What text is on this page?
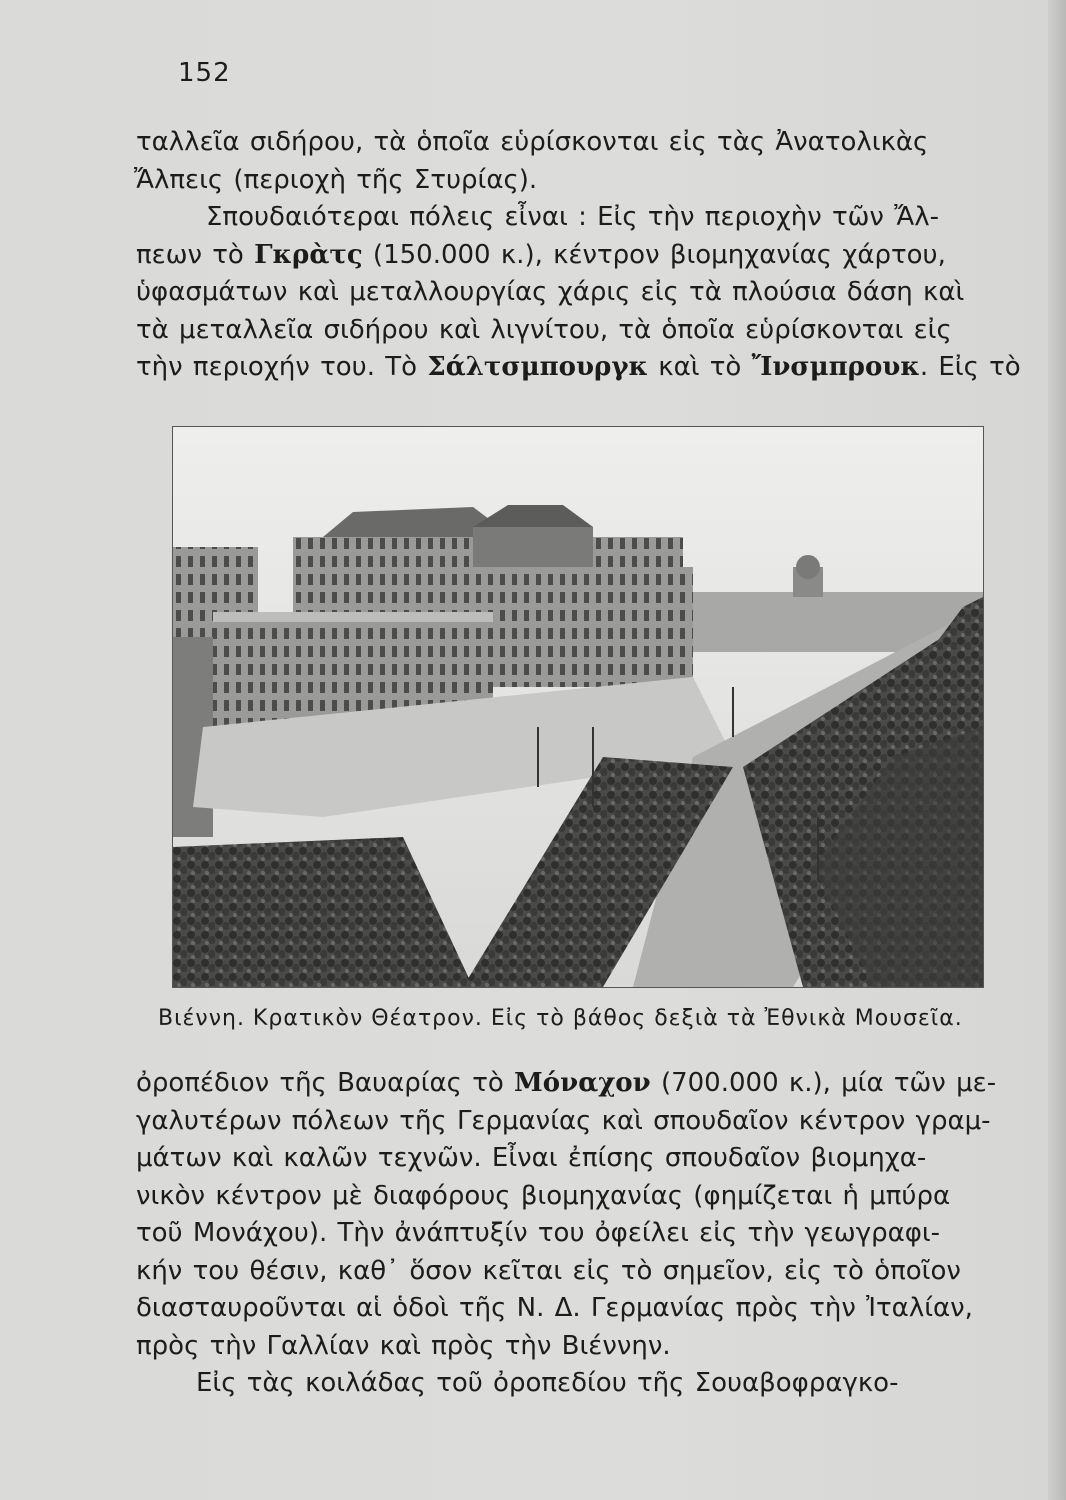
152
ταλλεῖα σιδήρου, τὰ ὁποῖα εὑρίσκονται εἰς τὰς Ἀνατολικὰς
Ἄλπεις (περιοχὴ τῆς Στυρίας).
Σπουδαιότεραι πόλεις εἶναι : Εἰς τὴν περιοχὴν τῶν Ἄλ-
πεων τὸ Γκρὰτς (150.000 κ.), κέντρον βιομηχανίας χάρτου,
ὑφασμάτων καὶ μεταλλουργίας χάρις εἰς τὰ πλούσια δάση καὶ
τὰ μεταλλεῖα σιδήρου καὶ λιγνίτου, τὰ ὁποῖα εὑρίσκονται εἰς
τὴν περιοχήν του. Τὸ Σάλτσμπουργκ καὶ τὸ Ἴνσμπρουκ. Εἰς τὸ
Βιέννη. Κρατικὸν Θέατρον. Εἰς τὸ βάθος δεξιὰ τὰ Ἐθνικὰ Μουσεῖα.
ὀροπέδιον τῆς Βαυαρίας τὸ Μόναχον (700.000 κ.), μία τῶν με-
γαλυτέρων πόλεων τῆς Γερμανίας καὶ σπουδαῖον κέντρον γραμ-
μάτων καὶ καλῶν τεχνῶν. Εἶναι ἐπίσης σπουδαῖον βιομηχα-
νικὸν κέντρον μὲ διαφόρους βιομηχανίας (φημίζεται ἡ μπύρα
τοῦ Μονάχου). Τὴν ἀνάπτυξίν του ὀφείλει εἰς τὴν γεωγραφι-
κήν του θέσιν, καθ᾽ ὅσον κεῖται εἰς τὸ σημεῖον, εἰς τὸ ὁποῖον
διασταυροῦνται αἱ ὁδοὶ τῆς Ν. Δ. Γερμανίας πρὸς τὴν Ἰταλίαν,
πρὸς τὴν Γαλλίαν καὶ πρὸς τὴν Βιέννην.
Εἰς τὰς κοιλάδας τοῦ ὀροπεδίου τῆς Σουαβοφραγκο-
